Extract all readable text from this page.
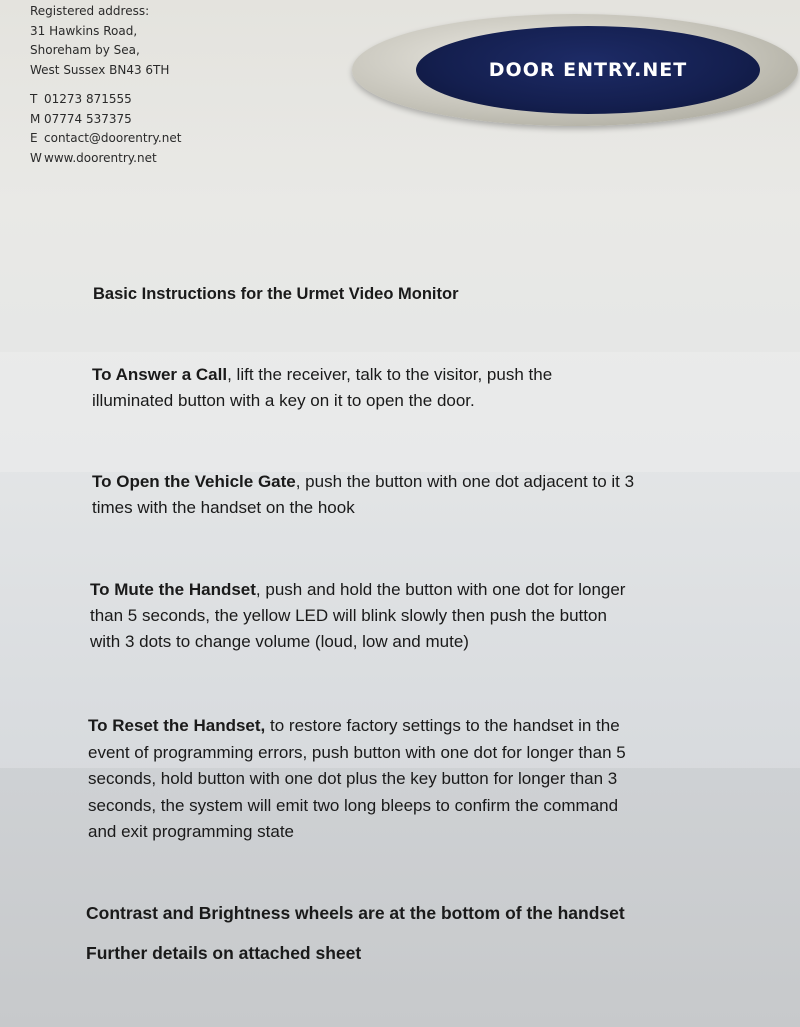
Registered address:
31 Hawkins Road,
Shoreham by Sea,
West Sussex BN43 6TH
T 01273 871555
M 07774 537375
E contact@doorentry.net
W www.doorentry.net
DOOR ENTRY.NET
Basic Instructions for the Urmet Video Monitor
To Answer a Call, lift the receiver, talk to the visitor, push the
illuminated button with a key on it to open the door.
To Open the Vehicle Gate, push the button with one dot adjacent to it 3
times with the handset on the hook
To Mute the Handset, push and hold the button with one dot for longer
than 5 seconds, the yellow LED will blink slowly then push the button
with 3 dots to change volume (loud, low and mute)
To Reset the Handset, to restore factory settings to the handset in the
event of programming errors, push button with one dot for longer than 5
seconds, hold button with one dot plus the key button for longer than 3
seconds, the system will emit two long bleeps to confirm the command
and exit programming state
Contrast and Brightness wheels are at the bottom of the handset
Further details on attached sheet
